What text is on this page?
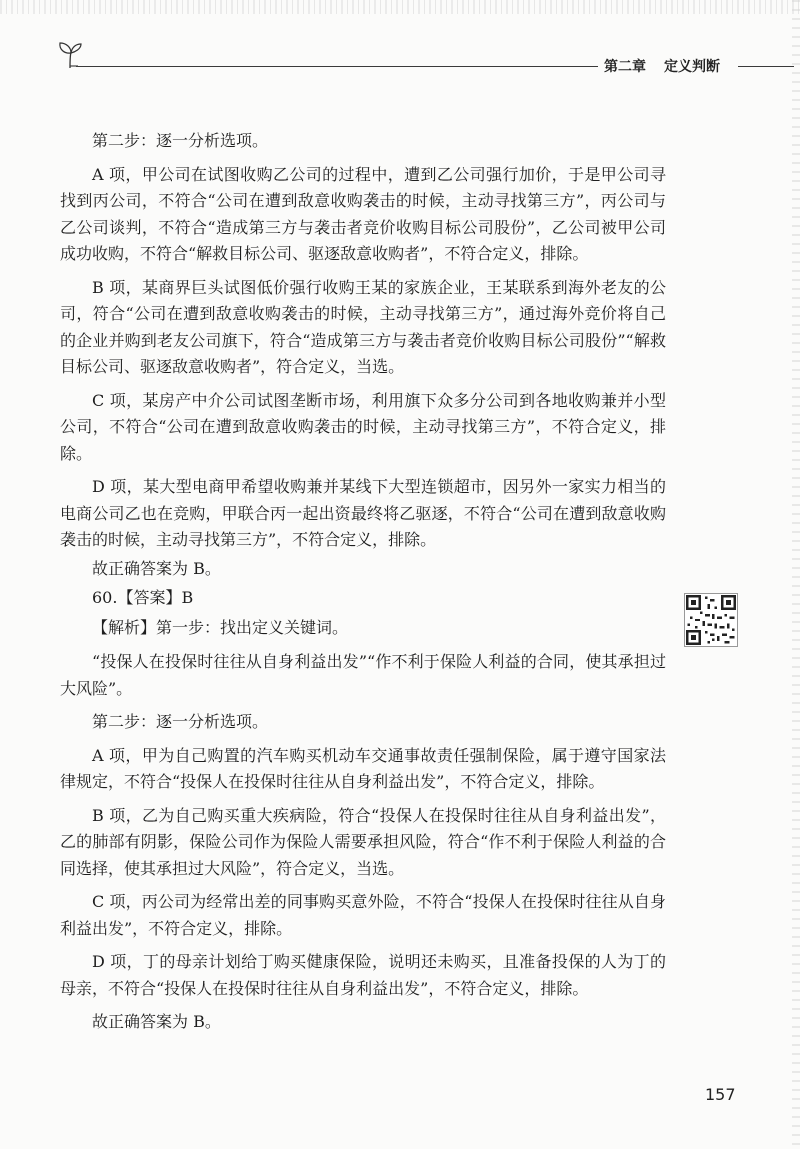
第二章 定义判断

第二步：逐一分析选项。

A 项，甲公司在试图收购乙公司的过程中，遭到乙公司强行加价，于是甲公司寻找到丙公司，不符合“公司在遭到敌意收购袭击的时候，主动寻找第三方”，丙公司与乙公司谈判，不符合“造成第三方与袭击者竞价收购目标公司股份”，乙公司被甲公司成功收购，不符合“解救目标公司、驱逐敌意收购者”，不符合定义，排除。

B 项，某商界巨头试图低价强行收购王某的家族企业，王某联系到海外老友的公司，符合“公司在遭到敌意收购袭击的时候，主动寻找第三方”，通过海外竞价将自己的企业并购到老友公司旗下，符合“造成第三方与袭击者竞价收购目标公司股份”“解救目标公司、驱逐敌意收购者”，符合定义，当选。

C 项，某房产中介公司试图垄断市场，利用旗下众多分公司到各地收购兼并小型公司，不符合“公司在遭到敌意收购袭击的时候，主动寻找第三方”，不符合定义，排除。

D 项，某大型电商甲希望收购兼并某线下大型连锁超市，因另外一家实力相当的电商公司乙也在竞购，甲联合丙一起出资最终将乙驱逐，不符合“公司在遭到敌意收购袭击的时候，主动寻找第三方”，不符合定义，排除。

故正确答案为 B。

60.【答案】B

【解析】第一步：找出定义关键词。

“投保人在投保时往往从自身利益出发”“作不利于保险人利益的合同，使其承担过大风险”。

第二步：逐一分析选项。

A 项，甲为自己购置的汽车购买机动车交通事故责任强制保险，属于遵守国家法律规定，不符合“投保人在投保时往往从自身利益出发”，不符合定义，排除。

B 项，乙为自己购买重大疾病险，符合“投保人在投保时往往从自身利益出发”，乙的肺部有阴影，保险公司作为保险人需要承担风险，符合“作不利于保险人利益的合同选择，使其承担过大风险”，符合定义，当选。

C 项，丙公司为经常出差的同事购买意外险，不符合“投保人在投保时往往从自身利益出发”，不符合定义，排除。

D 项，丁的母亲计划给丁购买健康保险，说明还未购买，且准备投保的人为丁的母亲，不符合“投保人在投保时往往从自身利益出发”，不符合定义，排除。

故正确答案为 B。

157
